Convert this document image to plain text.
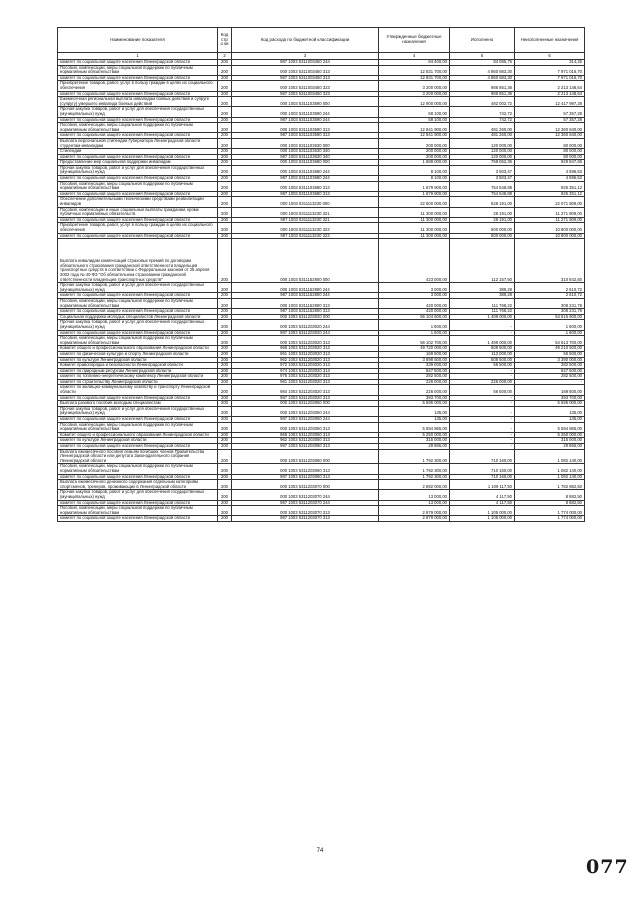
Наименование показателя	Код стро ки	Код расхода по бюджетной классификации	Утвержденные бюджетные назначения	Исполнено	Неисполненные назначения
1	2	3	4	5	6
комитет по социальной защите населения Ленинградской области	200	987 1003 5311003450 244	84 400,00	84 085,75	314,25
Пособия, компенсации, меры социальной поддержки по публичным нормативным обязательствам	200	000 1003 5311003450 313	12 831 700,00	4 860 683,30	7 971 016,70
комитет по социальной защите населения Ленинградской области	200	987 1003 5311003450 313	12 831 700,00	4 860 683,30	7 971 016,70
Приобретение товаров, работ, услуг в пользу граждан в целях их социального обеспечения	200	000 1003 5311003450 323	3 200 000,00	986 851,36	2 213 148,64
комитет по социальной защите населения Ленинградской области	200	987 1003 5311003450 323	3 200 000,00	986 851,36	2 213 148,64
Ежемесячная региональная выплата инвалидам боевых действий и супруге (супругу) умершего инвалида боевых действий	200	000 1003 5311103590 000	12 900 000,00	482 002,72	12 417 997,28
Прочая закупка товаров, работ и услуг для обеспечения государственных (муниципальных) нужд	200	000 1003 5311103590 244	58 100,00	742,72	57 357,28
комитет по социальной защите населения Ленинградской области	200	987 1003 5311103590 244	58 100,00	742,72	57 357,28
Пособия, компенсации, меры социальной поддержки по публичным нормативным обязательствам	200	000 1003 5311103590 313	12 841 900,00	481 260,00	12 360 640,00
комитет по социальной защите населения Ленинградской области	200	987 1003 5311103590 313	12 841 900,00	481 260,00	12 360 640,00
Выплата персональной стипендии Губернатора Ленинградской области студентам-инвалидам	200	000 1003 5311103630 000	200 000,00	120 000,00	80 000,00
Стипендии	200	000 1003 5311103630 340	200 000,00	120 000,00	80 000,00
комитет по социальной защите населения Ленинградской области	200	987 1003 5311103630 340	200 000,00	120 000,00	80 000,00
Предоставление мер социальной поддержки инвалидам	200	000 1003 5311103680 000	1 688 000,00	758 052,35	929 947,65
Прочая закупка товаров, работ и услуг для обеспечения государственных (муниципальных) нужд	200	000 1003 5311103680 244	8 100,00	3 503,47	4 596,53
комитет по социальной защите населения Ленинградской области	200	987 1003 5311103680 244	8 100,00	3 503,47	4 596,53
Пособия, компенсации, меры социальной поддержки по публичным нормативным обязательствам	200	000 1003 5311103680 313	1 679 900,00	754 548,88	925 351,12
комитет по социальной защите населения Ленинградской области	200	987 1003 5311103680 313	1 679 900,00	754 548,88	925 351,12
Обеспечение дополнительными техническими средствами реабилитации инвалидов	200	000 1003 5311113230 000	22 600 000,00	528 191,00	22 071 809,00
Пособия, компенсации и иные социальные выплаты гражданам, кроме публичных нормативных обязательств	200	000 1003 5311113230 321	11 300 000,00	28 191,00	11 271 809,00
комитет по социальной защите населения Ленинградской области	200	987 1003 5311113230 321	11 300 000,00	28 191,00	11 271 809,00
Приобретение товаров, работ, услуг в пользу граждан в целях их социального обеспечения	200	000 1003 5311113230 323	11 300 000,00	500 000,00	10 800 000,00
комитет по социальной защите населения Ленинградской области	200	987 1003 5311113230 323	11 300 000,00	500 000,00	10 800 000,00
Выплата инвалидам компенсаций страховых премий по договорам обязательного страхования гражданской ответственности владельцев транспортных средств в соответствии с Федеральным законом от 25 апреля 2002 года № 40-ФЗ "Об обязательном страховании гражданской ответственности владельцев транспортных средств"	200	000 1003 5311152800 000	423 000,00	112 157,50	310 842,50
Прочая закупка товаров, работ и услуг для обеспечения государственных (муниципальных) нужд	200	000 1003 5311152800 244	3 000,00	389,28	2 610,72
комитет по социальной защите населения Ленинградской области	200	987 1003 5311152800 244	3 000,00	389,28	2 610,72
Пособия, компенсации, меры социальной поддержки по публичным нормативным обязательствам	200	000 1003 5311152800 313	420 000,00	111 768,22	308 231,78
комитет по социальной защите населения Ленинградской области	200	987 1003 5311152800 313	420 000,00	111 768,22	308 231,78
Социальная поддержка молодых специалистов Ленинградской области	200	000 1003 5311203020 000	56 104 600,00	1 489 000,00	54 615 600,00
Прочая закупка товаров, работ и услуг для обеспечения государственных (муниципальных) нужд	200	000 1003 5311203020 244	1 600,00	-	1 600,00
комитет по социальной защите населения Ленинградской области	200	987 1003 5311203020 244	1 600,00	-	1 600,00
Пособия, компенсации, меры социальной поддержки по публичным нормативным обязательствам	200	000 1003 5311203020 313	56 102 700,00	1 489 000,00	54 613 700,00
Комитет общего и профессионального образования Ленинградской области	200	966 1003 5311203020 313	49 720 000,00	509 500,00	49 210 500,00
комитет по физической культуре и спорту Ленинградской области	200	961 1003 5311203020 313	169 500,00	113 000,00	56 500,00
комитет по культуре Ленинградской области	200	962 1003 5311203020 313	3 898 500,00	508 500,00	3 390 000,00
Комитет правопорядка и безопасности Ленинградской области	200	972 1003 5311203020 313	339 000,00	56 500,00	282 500,00
комитет по природным ресурсам Ленинградской области	200	974 1003 5311203020 313	847 500,00	-	847 500,00
комитет по топливно-энергетическому комплексу Ленинградской области	200	976 1003 5311203020 313	282 500,00	-	282 500,00
комитет по строительству Ленинградской области	200	981 1003 5311203020 313	226 000,00	226 000,00	-
комитет по жилищно-коммунальному хозяйству и транспорту Ленинградской области	200	984 1003 5311203020 313	226 000,00	56 500,00	169 500,00
комитет по социальной защите населения Ленинградской области	200	987 1003 5311203020 313	393 700,00	-	393 700,00
Выплата разового пособия молодым специалистам	200	000 1003 5311203050 000	5 595 000,00	-	5 595 000,00
Прочая закупка товаров, работ и услуг для обеспечения государственных (муниципальных) нужд	200	000 1003 5311203050 244	135,00	-	135,00
комитет по социальной защите населения Ленинградской области	200	987 1003 5311203050 244	135,00	-	135,00
Пособия, компенсации, меры социальной поддержки по публичным нормативным обязательствам	200	000 1003 5311203050 313	5 594 865,00	-	5 594 865,00
Комитет общего и профессионального образования Ленинградской области	200	966 1003 5311203050 313	5 250 000,00	-	5 250 000,00
комитет по культуре Ленинградской области	200	962 1003 5311203050 313	315 000,00	-	315 000,00
комитет по социальной защите населения Ленинградской области	200	987 1003 5311203050 313	29 865,00	-	29 865,00
Выплата ежемесячного пособия семьям погибших членов Правительства Ленинградской области или депутата Законодательного собрания Ленинградской области	200	000 1003 5311203060 000	1 792 300,00	710 160,00	1 082 140,00
Пособия, компенсации, меры социальной поддержки по публичным нормативным обязательствам	200	000 1003 5311203060 313	1 792 300,00	710 160,00	1 082 140,00
комитет по социальной защите населения Ленинградской области	200	987 1003 5311203060 313	1 792 300,00	710 160,00	1 082 140,00
Выплата ежемесячного денежного содержания отдельным категориям спортсменов, тренеров, проживающих в Ленинградской области	200	000 1003 5311203070 000	2 892 000,00	1 109 117,50	1 782 882,50
Прочая закупка товаров, работ и услуг для обеспечения государственных (муниципальных) нужд	200	000 1003 5311203070 244	13 000,00	4 117,50	8 882,50
комитет по социальной защите населения Ленинградской области	200	987 1003 5311203070 244	13 000,00	4 117,50	8 882,50
Пособия, компенсации, меры социальной поддержки по публичным нормативным обязательствам	200	000 1003 5311203070 313	2 879 000,00	1 105 000,00	1 774 000,00
комитет по социальной защите населения Ленинградской области	200	987 1003 5311203070 313	2 879 000,00	1 105 000,00	1 774 000,00
74
077
